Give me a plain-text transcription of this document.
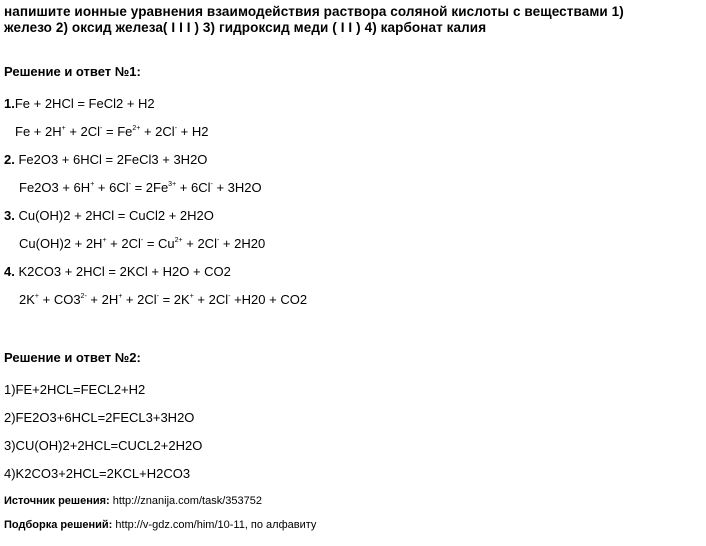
напишите ионные уравнения взаимодействия раствора соляной кислоты с веществами 1)
железо 2) оксид железа( I I I ) 3) гидроксид меди ( I I ) 4) карбонат калия
Решение и ответ №1:
1.Fe + 2HCl = FeCl2 + H2
$Fe + 2H^+ + 2Cl^- = Fe^{2+} + 2Cl^- + H2$
2. Fe2O3 + 6HCl = 2FeCl3 + 3H2O
$Fe2O3 + 6H^+ + 6Cl^- = 2Fe^{3+} + 6Cl^- + 3H2O$
3. Cu(OH)2 + 2HCl = CuCl2 + 2H2O
$Cu(OH)2 + 2H^+ + 2Cl^- = Cu^{2+} + 2Cl^- + 2H20$
4. K2CO3 + 2HCl = 2KCl + H2O + CO2
$2K^+ + CO3^{2-} + 2H^+ + 2Cl^- = 2K^+ + 2Cl^- +H20 + CO2$
Решение и ответ №2:
1)FE+2HCL=FECL2+H2
2)FE2O3+6HCL=2FECL3+3H2O
3)CU(OH)2+2HCL=CUCL2+2H2O
4)K2CO3+2HCL=2KCL+H2CO3
Источник решения: http://znanija.com/task/353752
Подборка решений: http://v-gdz.com/him/10-11, по алфавиту
